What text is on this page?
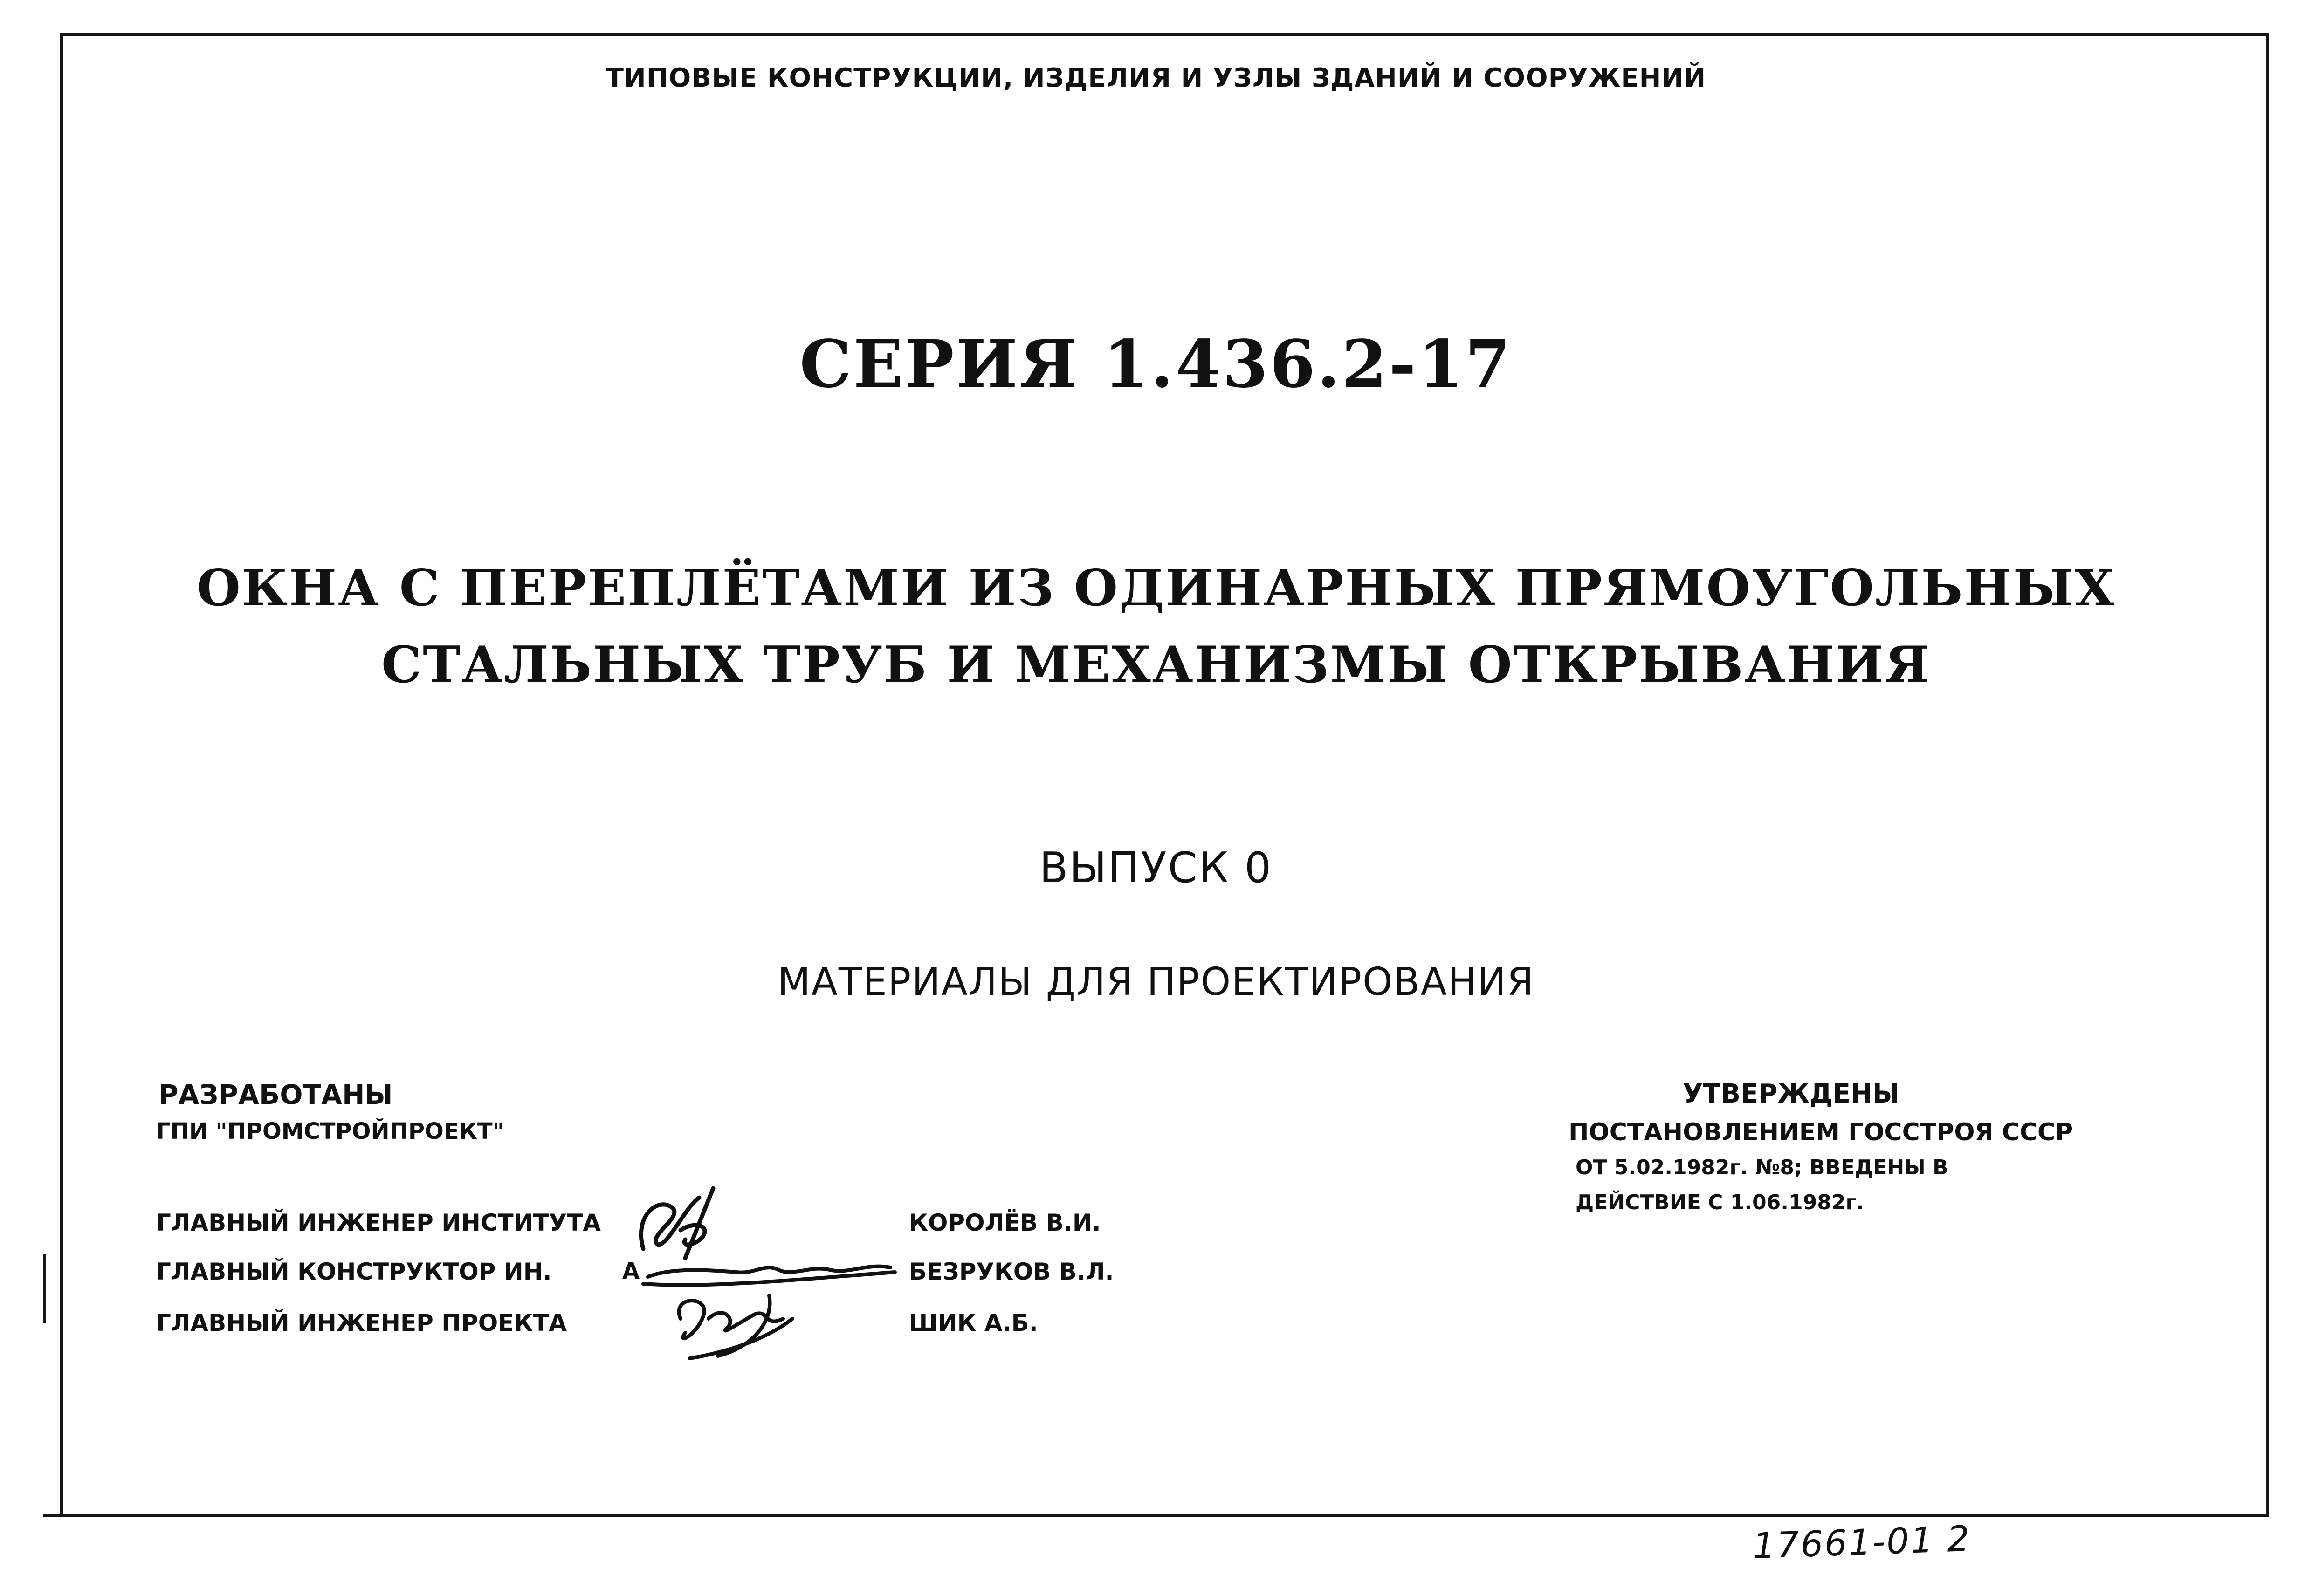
ТИПОВЫЕ КОНСТРУКЦИИ, ИЗДЕЛИЯ И УЗЛЫ ЗДАНИЙ И СООРУЖЕНИЙ
СЕРИЯ 1.436.2-17
ОКНА С ПЕРЕПЛЁТАМИ ИЗ ОДИНАРНЫХ ПРЯМОУГОЛЬНЫХ
СТАЛЬНЫХ ТРУБ И МЕХАНИЗМЫ ОТКРЫВАНИЯ
ВЫПУСК 0
МАТЕРИАЛЫ ДЛЯ ПРОЕКТИРОВАНИЯ
РАЗРАБОТАНЫ
ГПИ "ПРОМСТРОЙПРОЕКТ"
ГЛАВНЫЙ ИНЖЕНЕР ИНСТИТУТА	КОРОЛЁВ В.И.
ГЛАВНЫЙ КОНСТРУКТОР ИН.	БЕЗРУКОВ В.Л.
ГЛАВНЫЙ ИНЖЕНЕР ПРОЕКТА	ШИК А.Б.
А
УТВЕРЖДЕНЫ
ПОСТАНОВЛЕНИЕМ ГОССТРОЯ СССР
ОТ 5.02.1982г. №8; ВВЕДЕНЫ В
ДЕЙСТВИЕ С 1.06.1982г.
17661-01 2
